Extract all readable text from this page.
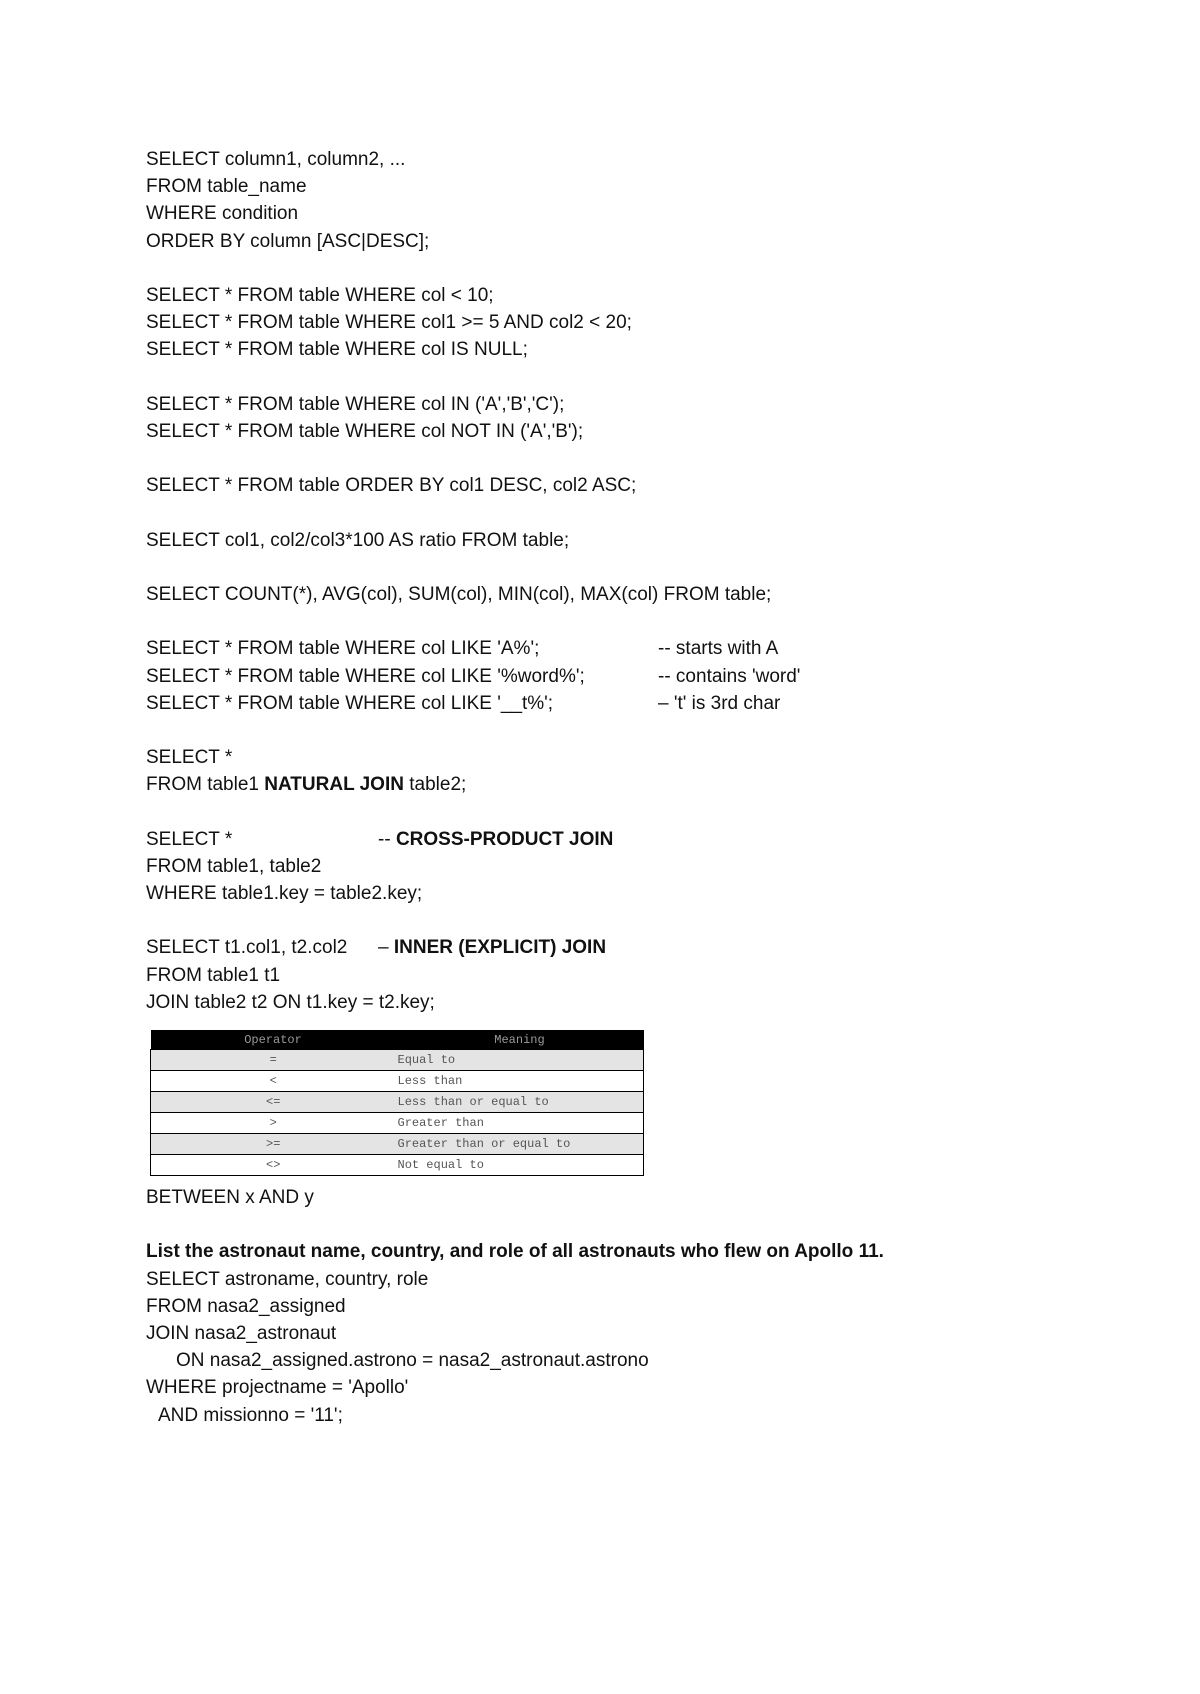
SELECT column1, column2, ...
FROM table_name
WHERE condition
ORDER BY column [ASC|DESC];
SELECT * FROM table WHERE col < 10;
SELECT * FROM table WHERE col1 >= 5 AND col2 < 20;
SELECT * FROM table WHERE col IS NULL;
SELECT * FROM table WHERE col IN ('A','B','C');
SELECT * FROM table WHERE col NOT IN ('A','B');
SELECT * FROM table ORDER BY col1 DESC, col2 ASC;
SELECT col1, col2/col3*100 AS ratio FROM table;
SELECT COUNT(*), AVG(col), SUM(col), MIN(col), MAX(col) FROM table;
SELECT * FROM table WHERE col LIKE 'A%';	-- starts with A
SELECT * FROM table WHERE col LIKE '%word%';	-- contains 'word'
SELECT * FROM table WHERE col LIKE '__t%';	– 't' is 3rd char
SELECT *
FROM table1 NATURAL JOIN table2;
SELECT *	-- CROSS-PRODUCT JOIN
FROM table1, table2
WHERE table1.key = table2.key;
SELECT t1.col1, t2.col2	– INNER (EXPLICIT) JOIN
FROM table1 t1
JOIN table2 t2 ON t1.key = t2.key;
Operator	Meaning
=	Equal to
<	Less than
<=	Less than or equal to
>	Greater than
>=	Greater than or equal to
<>	Not equal to
BETWEEN x AND y
List the astronaut name, country, and role of all astronauts who flew on Apollo 11.
SELECT astroname, country, role
FROM nasa2_assigned
JOIN nasa2_astronaut
ON nasa2_assigned.astrono = nasa2_astronaut.astrono
WHERE projectname = 'Apollo'
AND missionno = '11';
